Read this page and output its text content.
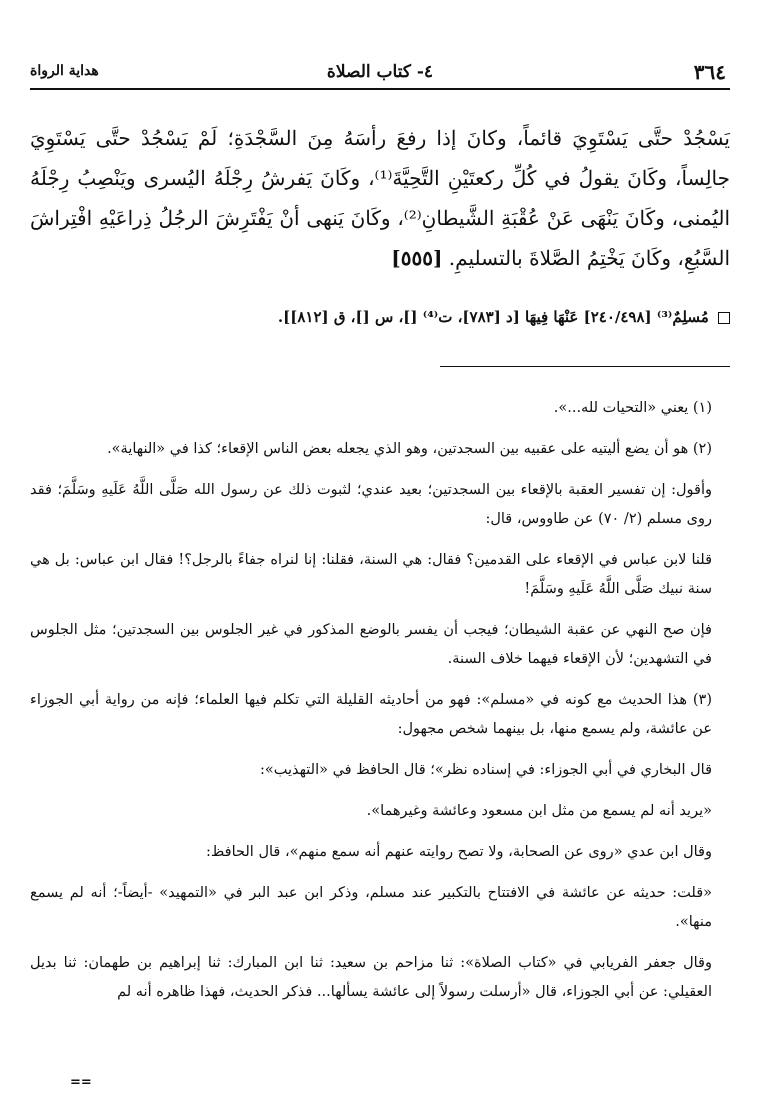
٣٦٤
٤- كتاب الصلاة
هداية الرواة
يَسْجُدْ حتَّى يَسْتَوِيَ قائماً، وكانَ إذا رفعَ رأسَهُ مِنَ السَّجْدَةِ؛ لَمْ يَسْجُدْ حتَّى يَسْتَوِيَ جالِساً، وكَانَ يقولُ في كُلِّ ركعتَيْنِ التَّحِيَّةَ⁽¹⁾، وكَانَ يَفرشُ رِجْلَهُ اليُسرى ويَنْصِبُ رِجْلَهُ اليُمنى، وكَانَ يَنْهَى عَنْ عُقْبَةِ الشَّيطانِ⁽²⁾، وكَانَ يَنهى أنْ يَفْتَرِشَ الرجُلُ ذِراعَيْهِ افْتِراشَ السَّبُعِ، وكَانَ يَخْتِمُ الصَّلاةَ بالتسليمِ. [٥٥٥]
مُسلِمٌ⁽³⁾ [٢٤٠/٤٩٨] عَنْهَا فِيهَا [د [٧٨٣]، ت⁽⁴⁾ []، س []، ق [٨١٢]].

(١) يعني «التحيات لله...».

(٢) هو أن يضع أليتيه على عقبيه بين السجدتين، وهو الذي يجعله بعض الناس الإقعاء؛ كذا في «النهاية».

وأقول: إن تفسير العقبة بالإقعاء بين السجدتين؛ بعيد عندي؛ لثبوت ذلك عن رسول الله صَلَّى اللَّهُ عَلَيهِ وسَلَّمَ؛ فقد روى مسلم (٢/ ٧٠) عن طاووس، قال:

قلنا لابن عباس في الإقعاء على القدمين؟ فقال: هي السنة، فقلنا: إنا لنراه جفاءً بالرجل؟! فقال ابن عباس: بل هي سنة نبيك صَلَّى اللَّهُ عَلَيهِ وسَلَّمَ!

فإن صح النهي عن عقبة الشيطان؛ فيجب أن يفسر بالوضع المذكور في غير الجلوس بين السجدتين؛ مثل الجلوس في التشهدين؛ لأن الإقعاء فيهما خلاف السنة.

(٣) هذا الحديث مع كونه في «مسلم»: فهو من أحاديثه القليلة التي تكلم فيها العلماء؛ فإنه من رواية أبي الجوزاء عن عائشة، ولم يسمع منها، بل بينهما شخص مجهول:

قال البخاري في أبي الجوزاء: في إسناده نظر»؛ قال الحافظ في «التهذيب»:

«يريد أنه لم يسمع من مثل ابن مسعود وعائشة وغيرهما».

وقال ابن عدي «روى عن الصحابة، ولا تصح روايته عنهم أنه سمع منهم»، قال الحافظ:

«قلت: حديثه عن عائشة في الافتتاح بالتكبير عند مسلم، وذكر ابن عبد البر في «التمهيد» -أيضاً-؛ أنه لم يسمع منها».

وقال جعفر الفريابي في «كتاب الصلاة»: ثنا مزاحم بن سعيد: ثنا ابن المبارك: ثنا إبراهيم بن طهمان: ثنا بديل العقيلي: عن أبي الجوزاء، قال «أرسلت رسولاً إلى عائشة يسألها... فذكر الحديث، فهذا ظاهره أنه لم

==
